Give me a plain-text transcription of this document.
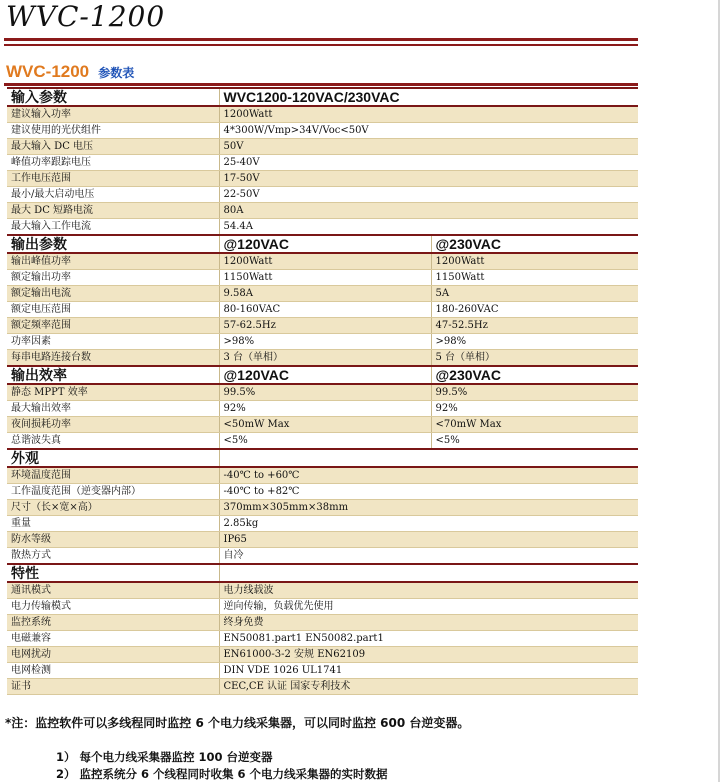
WVC-1200
WVC-1200 参数表
输入参数	WVC1200-120VAC/230VAC	
建议输入功率	1200Watt	
建议使用的光伏组件	4*300W/Vmp>34V/Voc<50V	
最大输入 DC 电压	50V	
峰值功率跟踪电压	25-40V	
工作电压范围	17-50V	
最小/最大启动电压	22-50V	
最大 DC 短路电流	80A	
最大输入工作电流	54.4A	
输出参数	@120VAC	@230VAC
输出峰值功率	1200Watt	1200Watt
额定输出功率	1150Watt	1150Watt
额定输出电流	9.58A	5A
额定电压范围	80-160VAC	180-260VAC
额定频率范围	57-62.5Hz	47-52.5Hz
功率因素	>98%	>98%
每串电路连接台数	3 台（单相）	5 台（单相）
输出效率	@120VAC	@230VAC
静态 MPPT 效率	99.5%	99.5%
最大输出效率	92%	92%
夜间损耗功率	<50mW Max	<70mW Max
总谐波失真	<5%	<5%
外观		
环境温度范围	-40℃ to +60℃	
工作温度范围（逆变器内部）	-40℃ to +82℃	
尺寸（长×宽×高）	370mm×305mm×38mm	
重量	2.85kg	
防水等级	IP65	
散热方式	自冷	
特性		
通讯模式	电力线载波	
电力传输模式	逆向传输，负载优先使用	
监控系统	终身免费	
电磁兼容	EN50081.part1 EN50082.part1	
电网扰动	EN61000-3-2 安规 EN62109	
电网检测	DIN VDE 1026 UL1741	
证书	CEC,CE 认证 国家专利技术	
*注：监控软件可以多线程同时监控 6 个电力线采集器，可以同时监控 600 台逆变器。
1） 每个电力线采集器监控 100 台逆变器
2） 监控系统分 6 个线程同时收集 6 个电力线采集器的实时数据
